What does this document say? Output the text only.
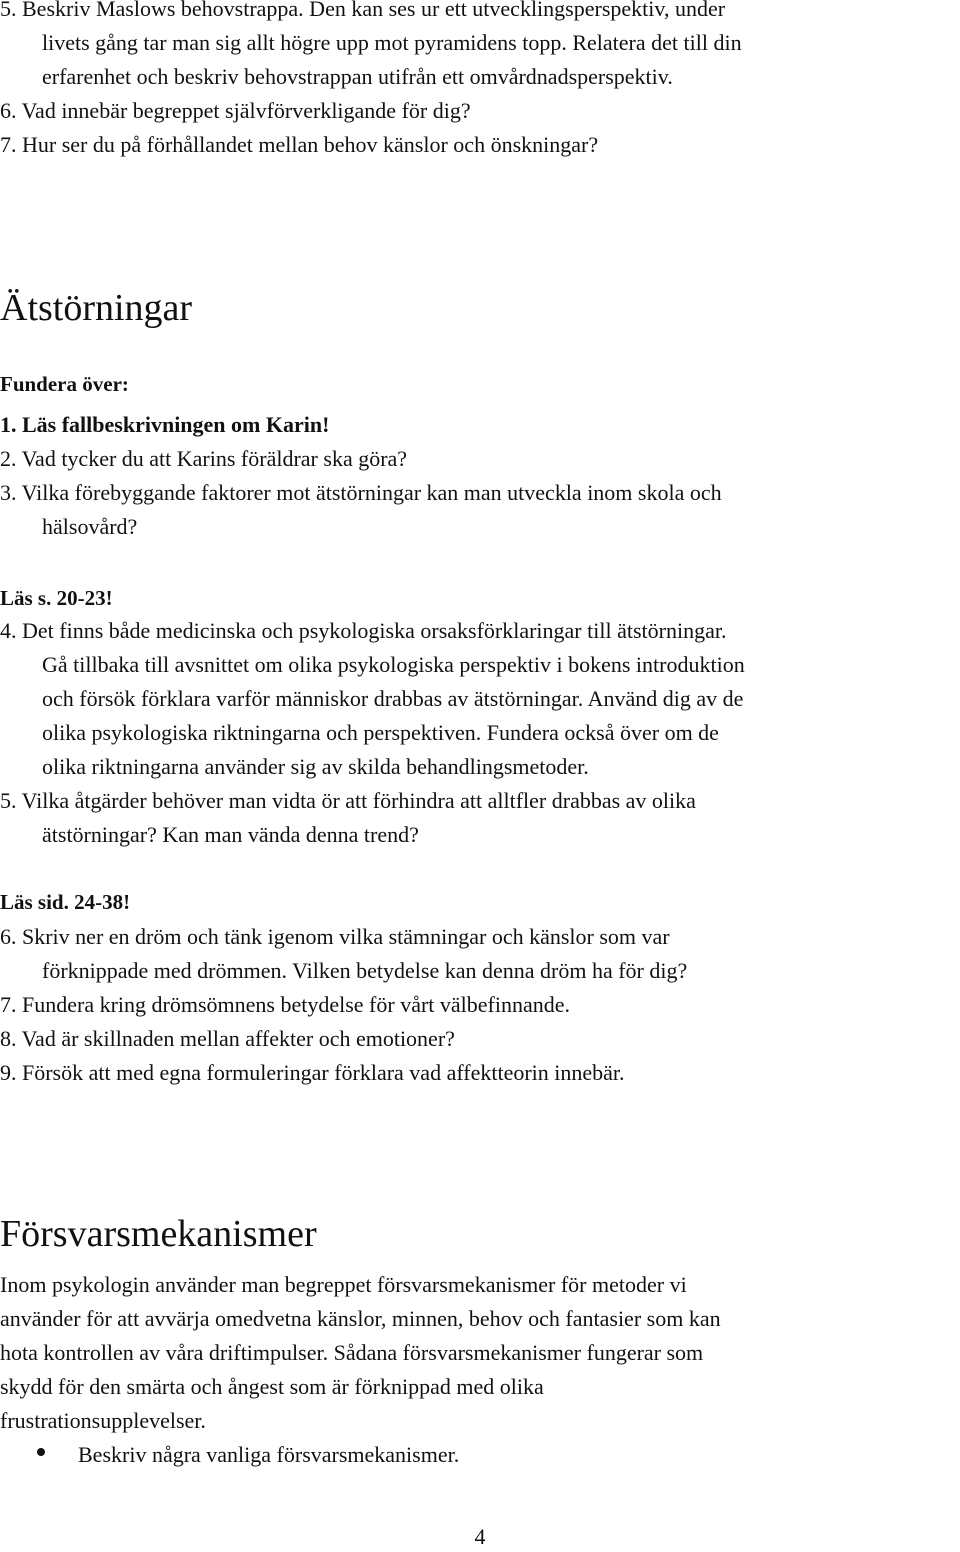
5. Beskriv Maslows behovstrappa. Den kan ses ur ett utvecklingsperspektiv, under
livets gång tar man sig allt högre upp mot pyramidens topp. Relatera det till din
erfarenhet och beskriv behovstrappan utifrån ett omvårdnadsperspektiv.
6. Vad innebär begreppet självförverkligande för dig?
7. Hur ser du på förhållandet mellan behov känslor och önskningar?
Ätstörningar
Fundera över:
1. Läs fallbeskrivningen om Karin!
2. Vad tycker du att Karins föräldrar ska göra?
3. Vilka förebyggande faktorer mot ätstörningar kan man utveckla inom skola och
hälsovård?
Läs s. 20-23!
4. Det finns både medicinska och psykologiska orsaksförklaringar till ätstörningar.
Gå tillbaka till avsnittet om olika psykologiska perspektiv i bokens introduktion
och försök förklara varför människor drabbas av ätstörningar. Använd dig av de
olika psykologiska riktningarna och perspektiven. Fundera också över om de
olika riktningarna använder sig av skilda behandlingsmetoder.
5. Vilka åtgärder behöver man vidta ör att förhindra att alltfler drabbas av olika
ätstörningar? Kan man vända denna trend?
Läs sid. 24-38!
6. Skriv ner en dröm och tänk igenom vilka stämningar och känslor som var
förknippade med drömmen. Vilken betydelse kan denna dröm ha för dig?
7. Fundera kring drömsömnens betydelse för vårt välbefinnande.
8. Vad är skillnaden mellan affekter och emotioner?
9. Försök att med egna formuleringar förklara vad affektteorin innebär.
Försvarsmekanismer
Inom psykologin använder man begreppet försvarsmekanismer för metoder vi
använder för att avvärja omedvetna känslor, minnen, behov och fantasier som kan
hota kontrollen av våra driftimpulser. Sådana försvarsmekanismer fungerar som
skydd för den smärta och ångest som är förknippad med olika
frustrationsupplevelser.
Beskriv några vanliga försvarsmekanismer.
4
